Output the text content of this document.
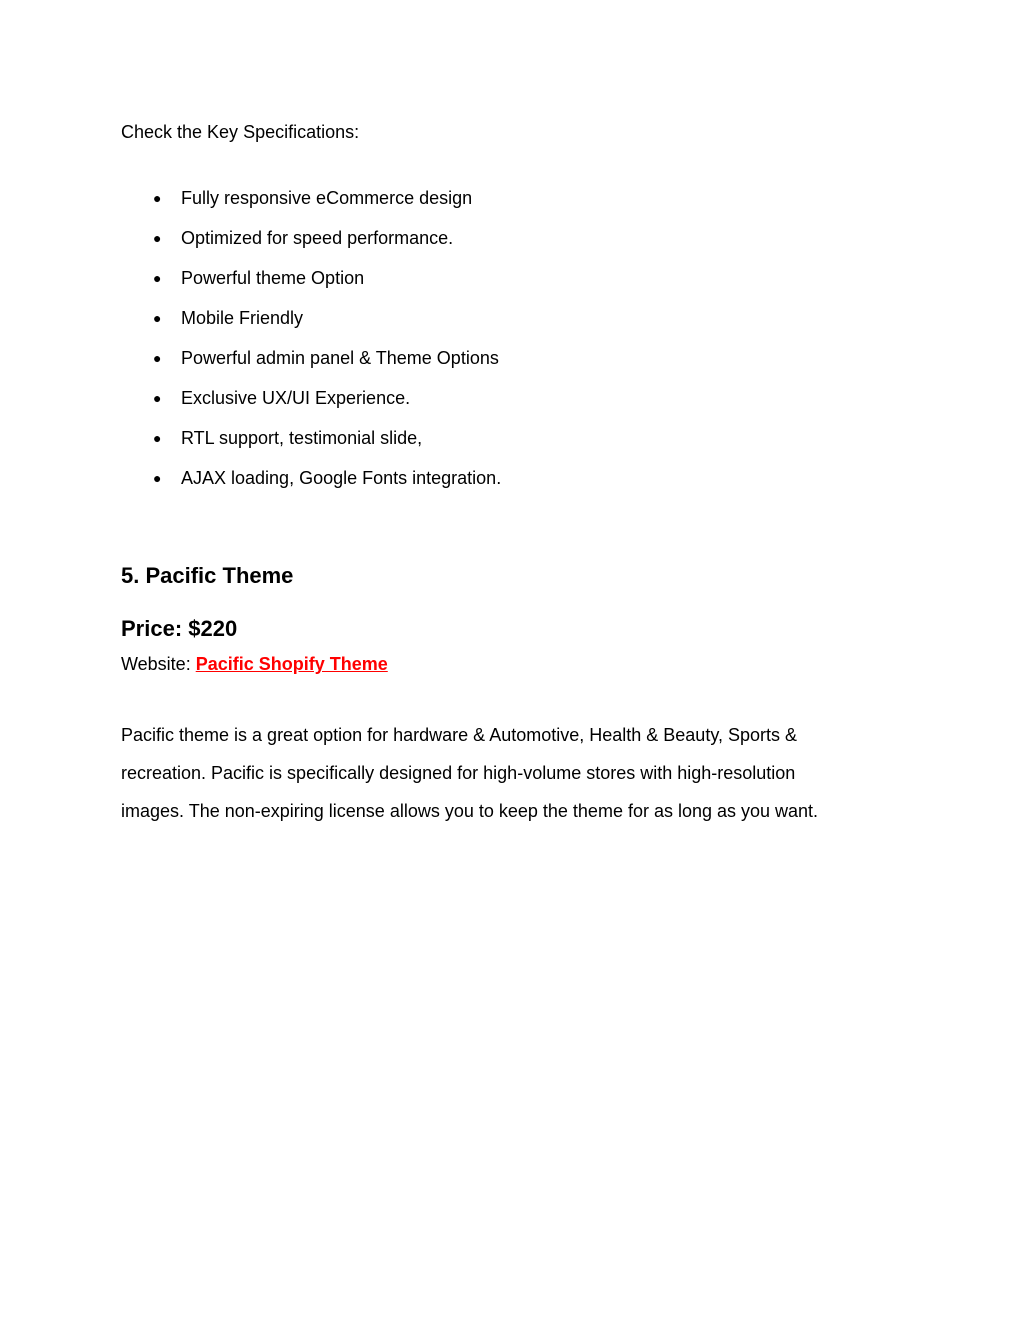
Check the Key Specifications:

●	Fully responsive eCommerce design
●	Optimized for speed performance.
●	Powerful theme Option
●	Mobile Friendly
●	Powerful admin panel & Theme Options
●	Exclusive UX/UI Experience.
●	RTL support, testimonial slide,
●	AJAX loading, Google Fonts integration.
5. Pacific Theme
Price: $220

Website: Pacific Shopify Theme

Pacific theme is a great option for hardware & Automotive, Health & Beauty, Sports &
recreation. Pacific is specifically designed for high-volume stores with high-resolution
images. The non-expiring license allows you to keep the theme for as long as you want.
